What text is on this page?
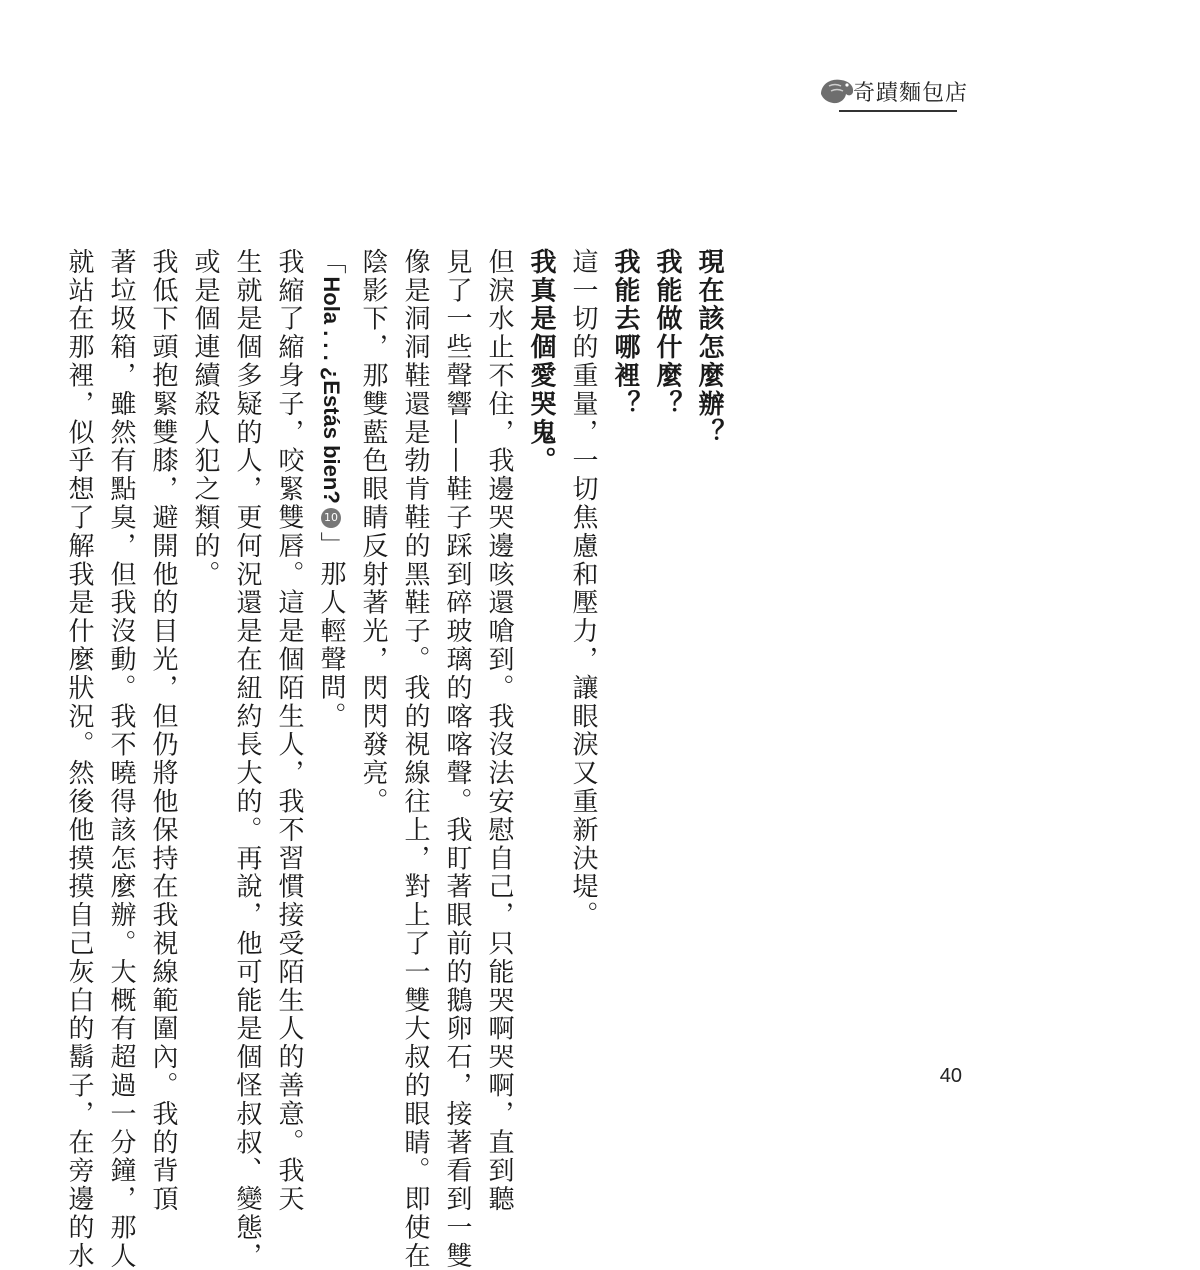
奇蹟麵包店

現在該怎麼辦？

我能做什麼？

我能去哪裡？

這一切的重量，一切焦慮和壓力，讓眼淚又重新決堤。

我真是個愛哭鬼。

但淚水止不住，我邊哭邊咳還嗆到。我沒法安慰自己，只能哭啊哭啊，直到聽

見了一些聲響——鞋子踩到碎玻璃的喀喀聲。我盯著眼前的鵝卵石，接著看到一雙

像是洞洞鞋還是勃肯鞋的黑鞋子。我的視線往上，對上了一雙大叔的眼睛。即使在

陰影下，那雙藍色眼睛反射著光，閃閃發亮。

「Hola . . . ¿Estás bien?10」那人輕聲問。

我縮了縮身子，咬緊雙唇。這是個陌生人，我不習慣接受陌生人的善意。我天

生就是個多疑的人，更何況還是在紐約長大的。再說，他可能是個怪叔叔、變態，

或是個連續殺人犯之類的。

我低下頭抱緊雙膝，避開他的目光，但仍將他保持在我視線範圍內。我的背頂

著垃圾箱，雖然有點臭，但我沒動。我不曉得該怎麼辦。大概有超過一分鐘，那人

就站在那裡，似乎想了解我是什麼狀況。然後他摸摸自己灰白的鬍子，在旁邊的水	40
